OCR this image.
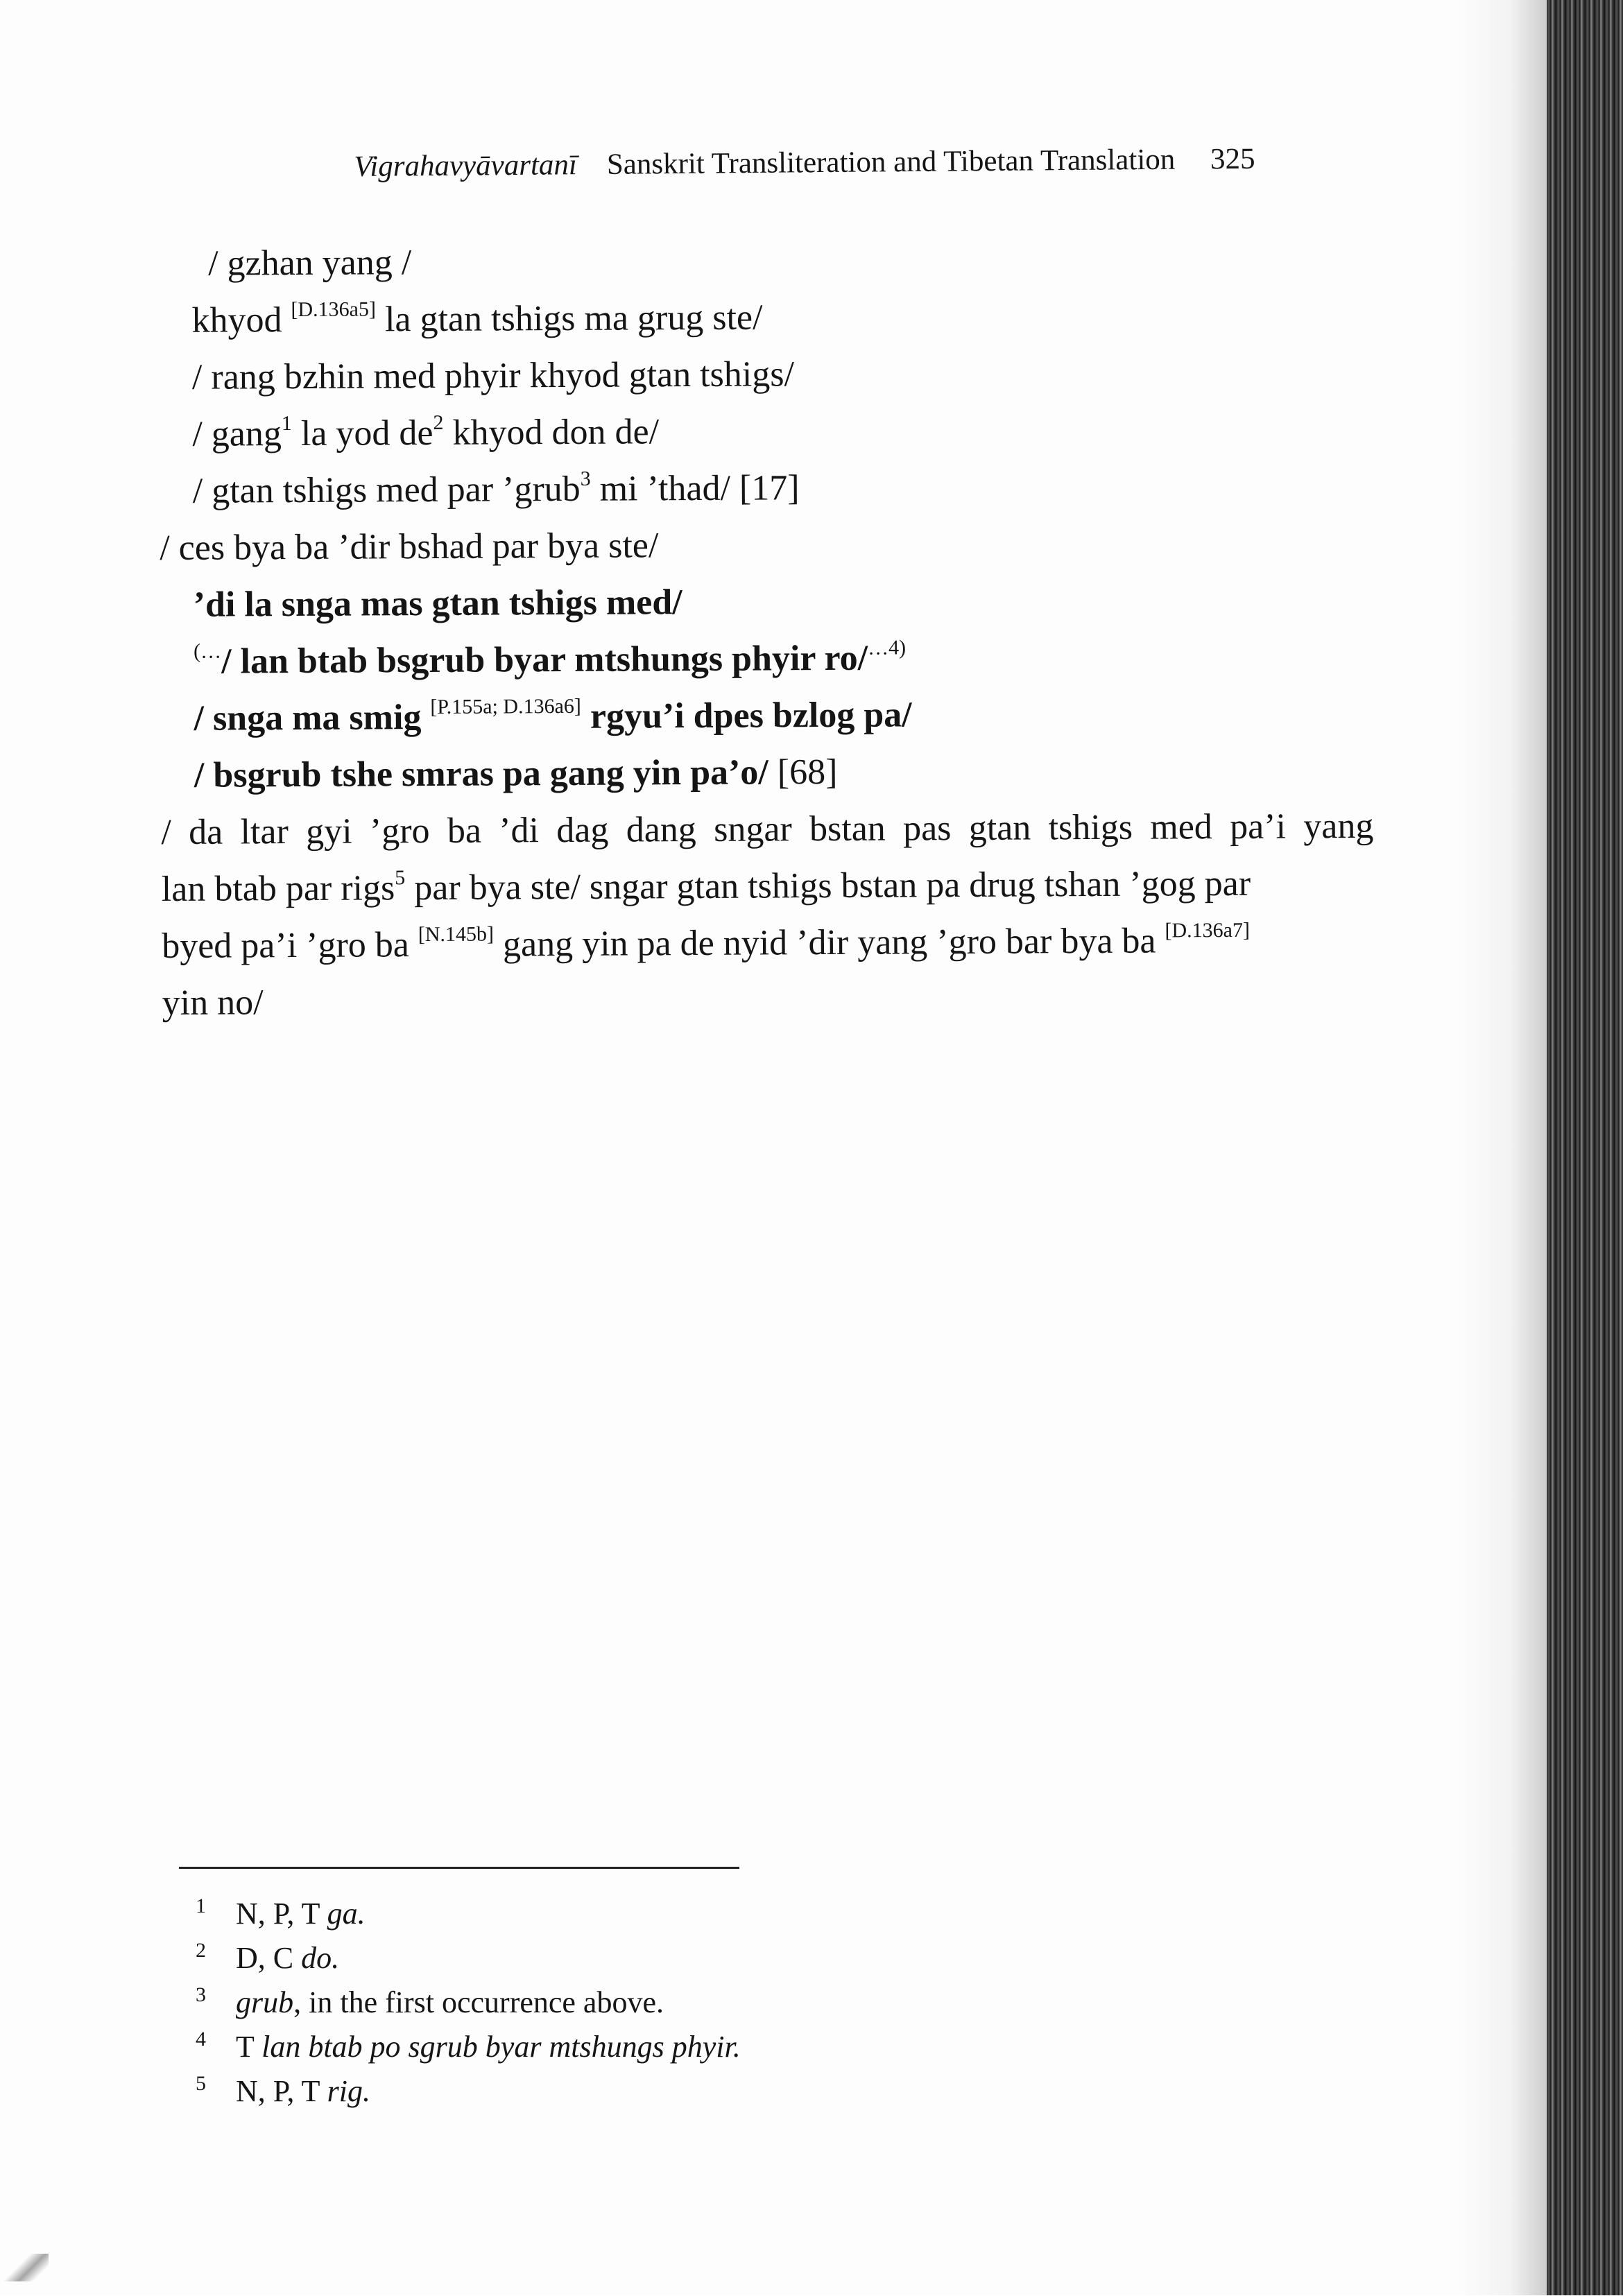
Vigrahavyāvartanī Sanskrit Transliteration and Tibetan Translation 325
/ gzhan yang /
khyod [D.136a5] la gtan tshigs ma grug ste/
/ rang bzhin med phyir khyod gtan tshigs/
/ gang$^1$ la yod $de^2$ khyod don de/
/ gtan tshigs med par ’grub$^3$ mi ’thad/ [17]
/ ces bya ba ’dir bshad par bya ste/
’di la snga mas gtan tshigs med/
(…/ lan btab bsgrub byar mtshungs phyir ro/$^{\dots 4)}$
/ snga ma smig [P.155a; D.136a6] rgyu’i dpes bzlog pa/
/ bsgrub tshe smras pa gang yin pa’o/ [68]
/ da ltar gyi ’gro ba ’di dag dang sngar bstan pas gtan tshigs med pa’i yang
lan btab par rigs$^5$ par bya ste/ sngar gtan tshigs bstan pa drug tshan ’gog par
byed pa’i ’gro ba [N.145b] gang yin pa de nyid ’dir yang ’gro bar bya ba [D.136a7]
yin no/
1 N, P, T ga.
2 D, C do.
3 grub, in the first occurrence above.
4 T lan btab po sgrub byar mtshungs phyir.
5 N, P, T rig.
